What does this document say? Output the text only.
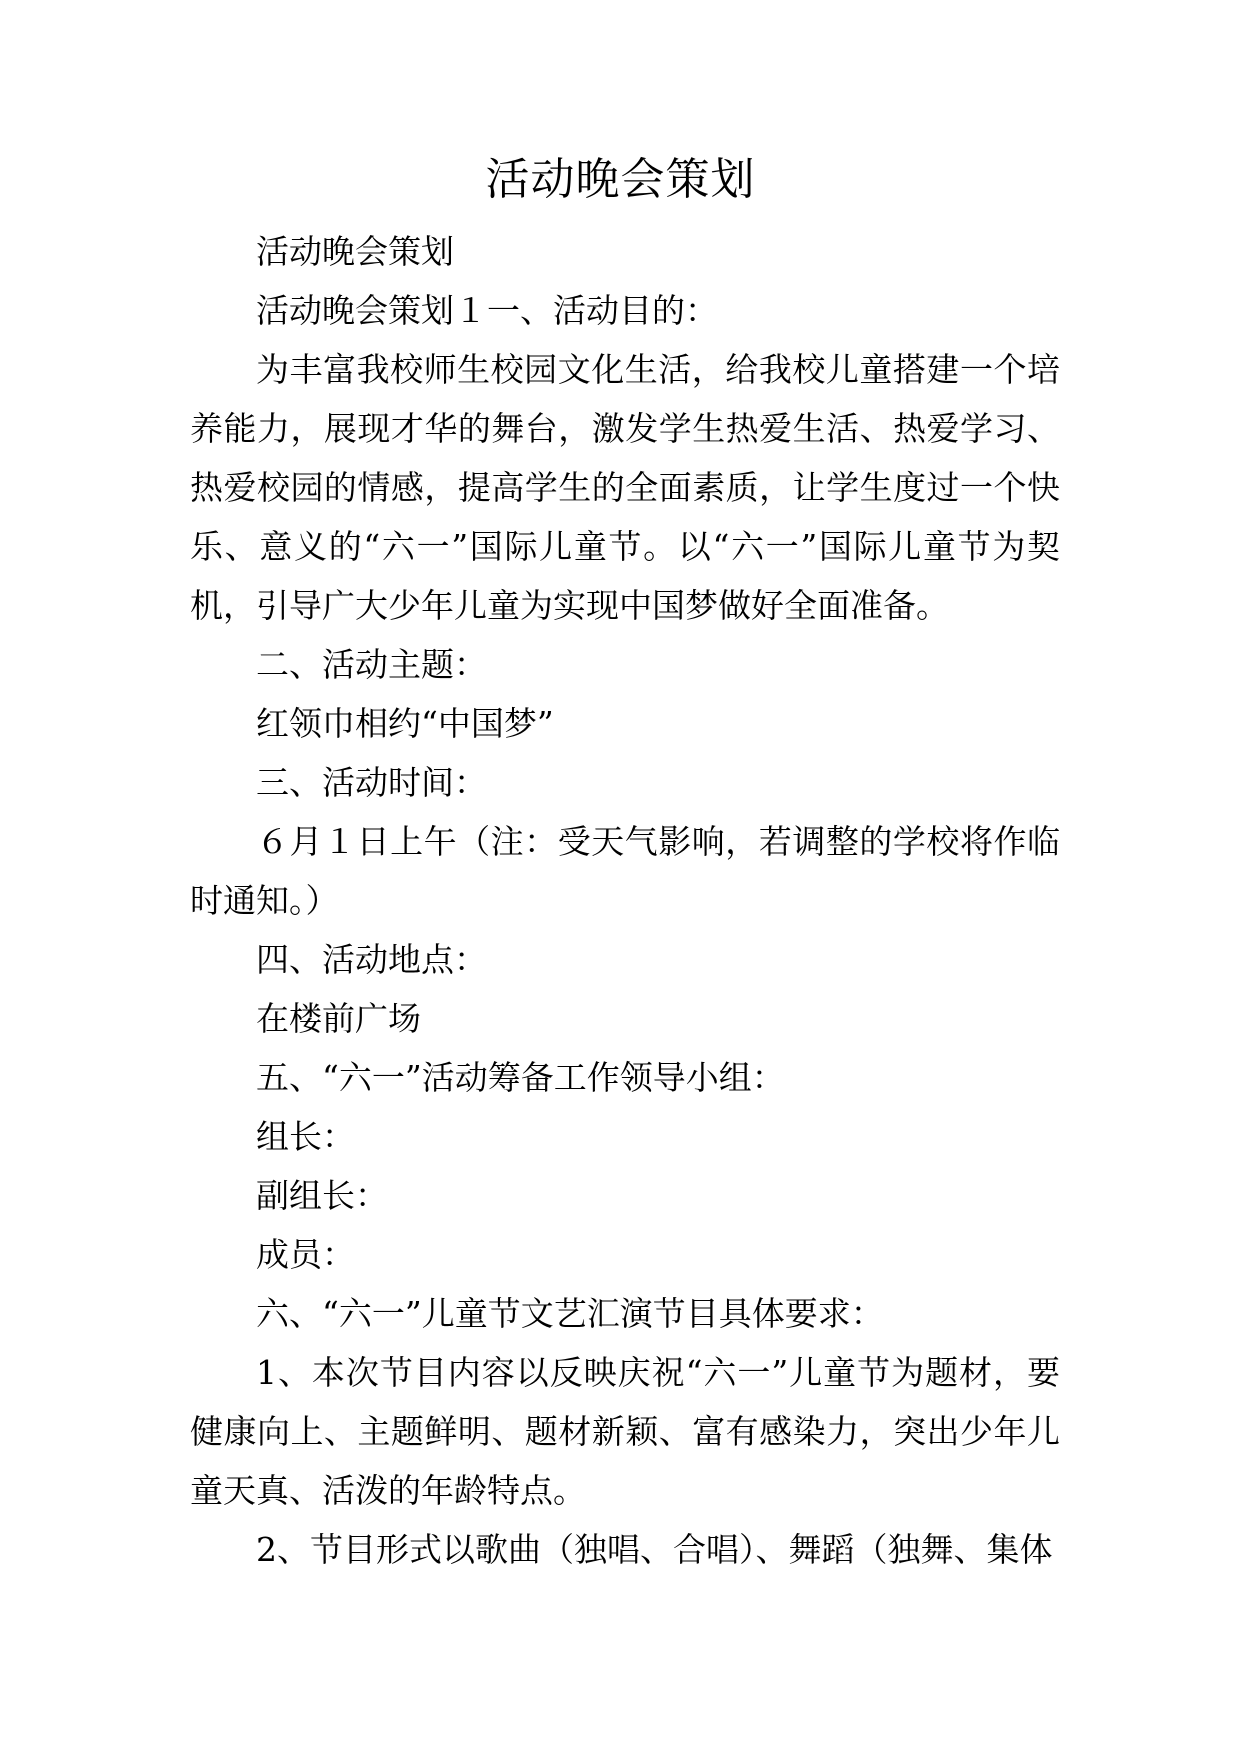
活动晚会策划

活动晚会策划

活动晚会策划１一、活动目的：

为丰富我校师生校园文化生活，给我校儿童搭建一个培养能力，展现才华的舞台，激发学生热爱生活、热爱学习、热爱校园的情感，提高学生的全面素质，让学生度过一个快乐、意义的“六一”国际儿童节。以“六一”国际儿童节为契机，引导广大少年儿童为实现中国梦做好全面准备。

二、活动主题：

红领巾相约“中国梦”

三、活动时间：

６月１日上午（注：受天气影响，若调整的学校将作临时通知。）

四、活动地点：

在楼前广场

五、“六一”活动筹备工作领导小组：

组长：

副组长：

成员：

六、“六一”儿童节文艺汇演节目具体要求：

1、本次节目内容以反映庆祝“六一”儿童节为题材，要健康向上、主题鲜明、题材新颖、富有感染力，突出少年儿童天真、活泼的年龄特点。

2、节目形式以歌曲（独唱、合唱）、舞蹈（独舞、集体
